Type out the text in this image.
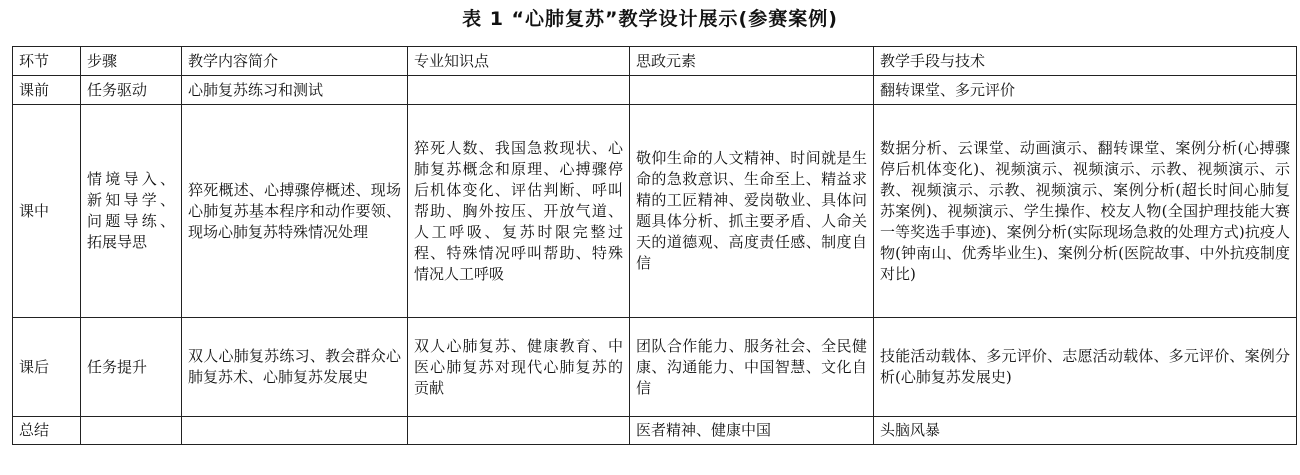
表 1 “心肺复苏”教学设计展示(参赛案例)
环节	步骤	教学内容简介	专业知识点	思政元素	教学手段与技术
课前	任务驱动	心肺复苏练习和测试			翻转课堂、多元评价
课中	情境导入、新知导学、问题导练、拓展导思	猝死概述、心搏骤停概述、现场心肺复苏基本程序和动作要领、现场心肺复苏特殊情况处理	猝死人数、我国急救现状、心肺复苏概念和原理、心搏骤停后机体变化、评估判断、呼叫帮助、胸外按压、开放气道、人工呼吸、复苏时限完整过程、特殊情况呼叫帮助、特殊情况人工呼吸	敬仰生命的人文精神、时间就是生命的急救意识、生命至上、精益求精的工匠精神、爱岗敬业、具体问题具体分析、抓主要矛盾、人命关天的道德观、高度责任感、制度自信	数据分析、云课堂、动画演示、翻转课堂、案例分析(心搏骤停后机体变化)、视频演示、视频演示、示教、视频演示、示教、视频演示、示教、视频演示、案例分析(超长时间心肺复苏案例)、视频演示、学生操作、校友人物(全国护理技能大赛一等奖选手事迹)、案例分析(实际现场急救的处理方式)抗疫人物(钟南山、优秀毕业生)、案例分析(医院故事、中外抗疫制度对比)
课后	任务提升	双人心肺复苏练习、教会群众心肺复苏术、心肺复苏发展史	双人心肺复苏、健康教育、中医心肺复苏对现代心肺复苏的贡献	团队合作能力、服务社会、全民健康、沟通能力、中国智慧、文化自信	技能活动载体、多元评价、志愿活动载体、多元评价、案例分析(心肺复苏发展史)
总结				医者精神、健康中国	头脑风暴
